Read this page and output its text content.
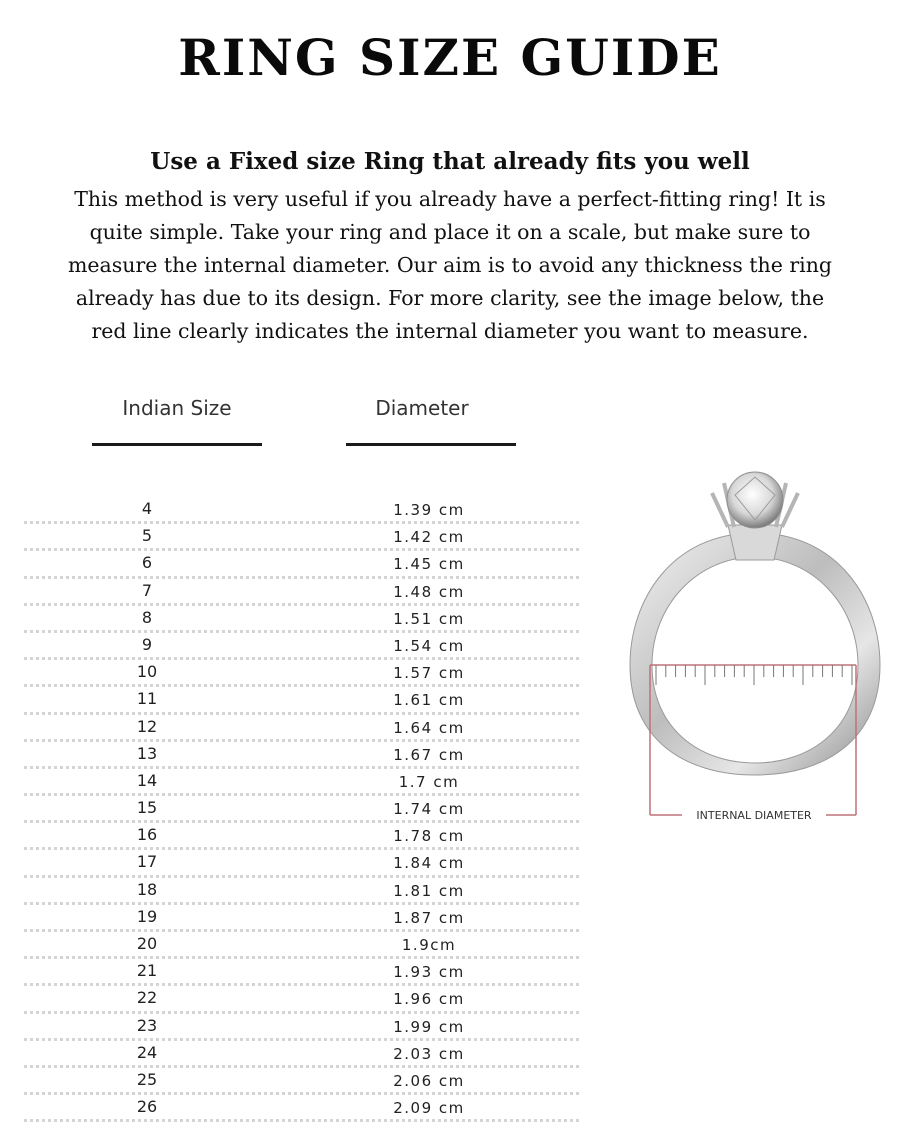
RING SIZE GUIDE
Use a Fixed size Ring that already fits you well
This method is very useful if you already have a perfect-fitting ring! It is
quite simple. Take your ring and place it on a scale, but make sure to
measure the internal diameter. Our aim is to avoid any thickness the ring
already has due to its design. For more clarity, see the image below, the
red line clearly indicates the internal diameter you want to measure.
Indian Size	Diameter
4	1.39 cm
5	1.42 cm
6	1.45 cm
7	1.48 cm
8	1.51 cm
9	1.54 cm
10	1.57 cm
11	1.61 cm
12	1.64 cm
13	1.67 cm
14	1.7 cm
15	1.74 cm
16	1.78 cm
17	1.84 cm
18	1.81 cm
19	1.87 cm
20	1.9cm
21	1.93 cm
22	1.96 cm
23	1.99 cm
24	2.03 cm
25	2.06 cm
26	2.09 cm
INTERNAL DIAMETER
